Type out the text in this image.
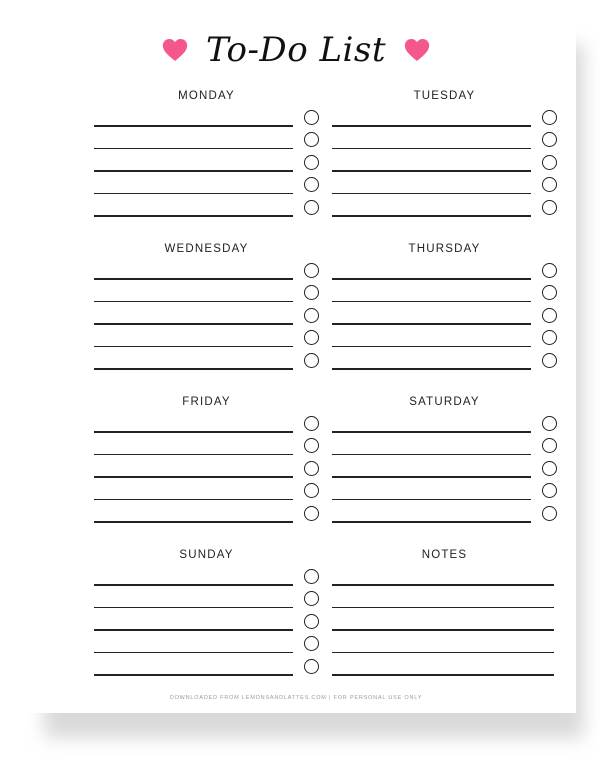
To-Do List
MONDAY	TUESDAY
WEDNESDAY	THURSDAY
FRIDAY	SATURDAY
SUNDAY	NOTES
DOWNLOADED FROM LEMONSANDLATTES.COM | FOR PERSONAL USE ONLY
